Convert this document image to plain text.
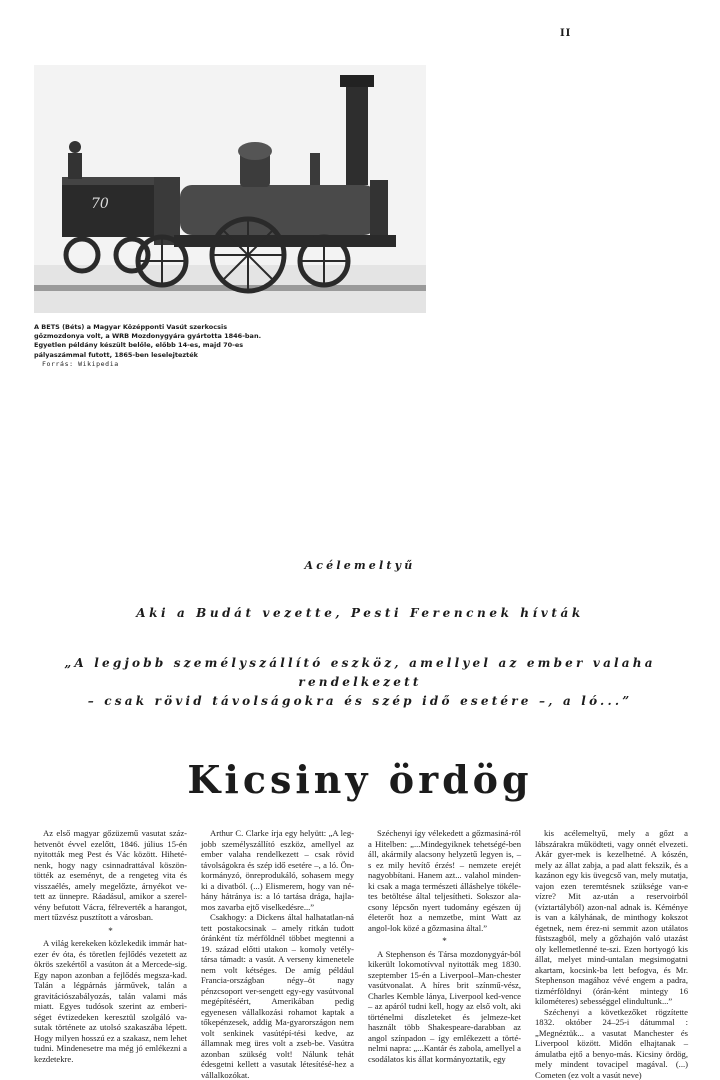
II
70
A BETS (Béts) a Magyar Középponti Vasút szerkocsis
gőzmozdonya volt, a WRB Mozdonygyára gyártotta 1846-ban.
Egyetlen példány készült belőle, előbb 14-es, majd 70-es
pályaszámmal futott, 1865-ben leselejtezték
Forrás: Wikipedia
Acélemeltyű
Aki a Budát vezette, Pesti Ferencnek hívták
„A legjobb személyszállító eszköz, amellyel az ember valaha rendelkezett
– csak rövid távolságokra és szép idő esetére –, a ló...”
Kicsiny ördög

Az első magyar gőzüzemű vasutat száz-hetvenöt évvel ezelőtt, 1846. július 15-én nyitották meg Pest és Vác között. Hiheté-nenk, hogy nagy csinnadrattával köszön-tötték az eseményt, de a rengeteg vita és visszaélés, amely megelőzte, árnyékot ve-tett az ünnepre. Ráadásul, amikor a szerel-vény befutott Vácra, félreverték a harangot, mert tűzvész pusztított a városban.

*

A világ kerekeken közlekedik immár hat-ezer év óta, és töretlen fejlődés vezetett az ökrös szekértől a vasúton át a Mercede-sig. Egy napon azonban a fejlődés megsza-kad. Talán a légpárnás járművek, talán a gravitációszabályozás, talán valami más miatt. Egyes tudósok szerint az emberi-séget évtizedeken keresztül szolgáló va-sutak története az utolsó szakaszába lépett. Hogy milyen hosszú ez a szakasz, nem lehet tudni. Mindenesetre ma még jó emlékezni a kezdetekre.

Arthur C. Clarke írja egy helyütt: „A leg-jobb személyszállító eszköz, amellyel az ember valaha rendelkezett – csak rövid távolságokra és szép idő esetére –, a ló. Ön-kormányzó, önreprodukáló, sohasem megy ki a divatból. (...) Elismerem, hogy van né-hány hátránya is: a ló tartása drága, hajla-mos zavarba ejtő viselkedésre...”

Csakhogy: a Dickens által halhatatlan-ná tett postakocsinak – amely ritkán tudott óránként tíz mérföldnél többet megtenni a 19. század előtti utakon – komoly vetély-társa támadt: a vasút. A verseny kimenetele nem volt kétséges. De amíg például Francia-országban négy–öt nagy pénzcsoport ver-sengett egy-egy vasútvonal megépítéséért, Amerikában pedig egyenesen vállalkozási rohamot kaptak a tőkepénzesek, addig Ma-gyarországon nem volt senkinek vasútépí-tési kedve, az államnak meg üres volt a zseb-be. Vasútra azonban szükség volt! Nálunk tehát édesgetni kellett a vasutak létesítésé-hez a vállalkozókat.

Széchenyi így vélekedett a gőzmasiná-ról a Hitelben: „...Mindegyiknek tehetségé-ben áll, akármily alacsony helyzetű legyen is, – s ez mily hevítő érzés! – nemzete erejét nagyobbítani. Hanem azt... valahol minden-ki csak a maga természeti álláshelye tökéle-tes betöltése által teljesítheti. Sokszor ala-csony lépcsőn nyert tudomány egészen új életerőt hoz a nemzetbe, mint Watt az angol-lok közé a gőzmasina által.”

*

A Stephenson és Társa mozdonygyár-ból kikerült lokomotívval nyitották meg 1830. szeptember 15-én a Liverpool–Man-chester vasútvonalat. A híres brit színmű-vész, Charles Kemble lánya, Liverpool ked-vence – az apáról tudni kell, hogy az első volt, aki történelmi díszleteket és jelmeze-ket használt több Shakespeare-darabban az angol színpadon – így emlékezett a törté-nelmi napra: „...Kantár és zabola, amellyel a csodálatos kis állat kormányoztatik, egy

kis acélemeltyű, mely a gőzt a lábszárakra működteti, vagy onnét elvezeti. Akár gyer-mek is kezelhetné. A kószén, mely az állat zabja, a pad alatt fekszik, és a kazánon egy kis üvegcső van, mely mutatja, vajon ezen teremtésnek szüksége van-e vízre? Mit az-után a reservoirból (víztartályból) azon-nal adnak is. Kéménye is van a kályhának, de minthogy kokszot égetnek, nem érez-ni semmit azon utálatos füstszagból, mely a gőzhajón való utazást oly kellemetlenné te-szi. Ezen hortyogó kis állat, melyet mind-untalan megsimogatni akartam, kocsink-ba lett befogva, és Mr. Stephenson magához vévé engem a padra, tizmérföldnyi (órán-ként mintegy 16 kilométeres) sebességgel elindultunk...”

Széchenyi a következőket rögzítette 1832. október 24–25-i dátummal : „Megnéztük... a vasutat Manchester és Liverpool között. Midőn elhajtanak – ámulatba ejtő a benyo-más. Kicsiny ördög, mely mindent tovacipel magával. (...) Cometen (ez volt a vasút neve)
